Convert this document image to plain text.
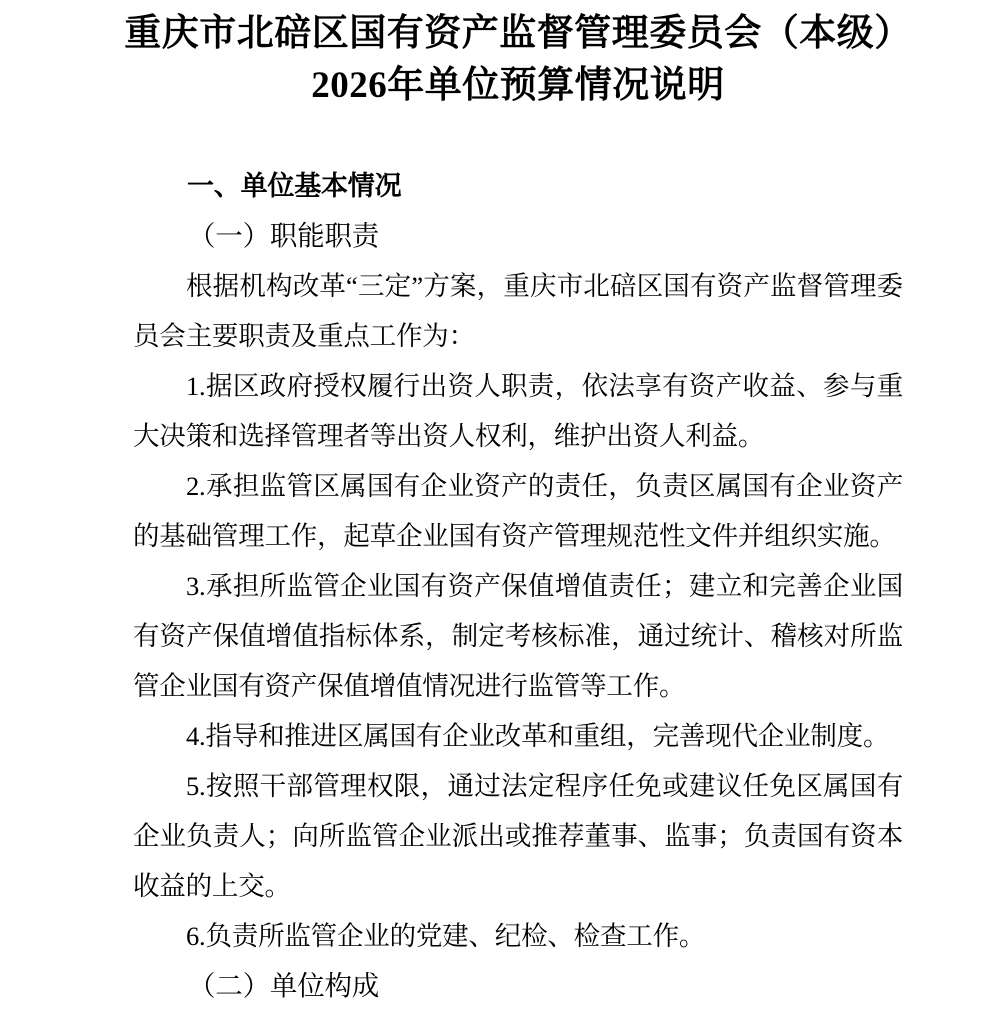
重庆市北碚区国有资产监督管理委员会（本级）
2026年单位预算情况说明

一、单位基本情况

（一）职能职责

根据机构改革“三定”方案，重庆市北碚区国有资产监督管理委员会主要职责及重点工作为：

1.据区政府授权履行出资人职责，依法享有资产收益、参与重大决策和选择管理者等出资人权利，维护出资人利益。

2.承担监管区属国有企业资产的责任，负责区属国有企业资产的基础管理工作，起草企业国有资产管理规范性文件并组织实施。

3.承担所监管企业国有资产保值增值责任；建立和完善企业国有资产保值增值指标体系，制定考核标准，通过统计、稽核对所监管企业国有资产保值增值情况进行监管等工作。

4.指导和推进区属国有企业改革和重组，完善现代企业制度。

5.按照干部管理权限，通过法定程序任免或建议任免区属国有企业负责人；向所监管企业派出或推荐董事、监事；负责国有资本收益的上交。

6.负责所监管企业的党建、纪检、检查工作。

（二）单位构成
